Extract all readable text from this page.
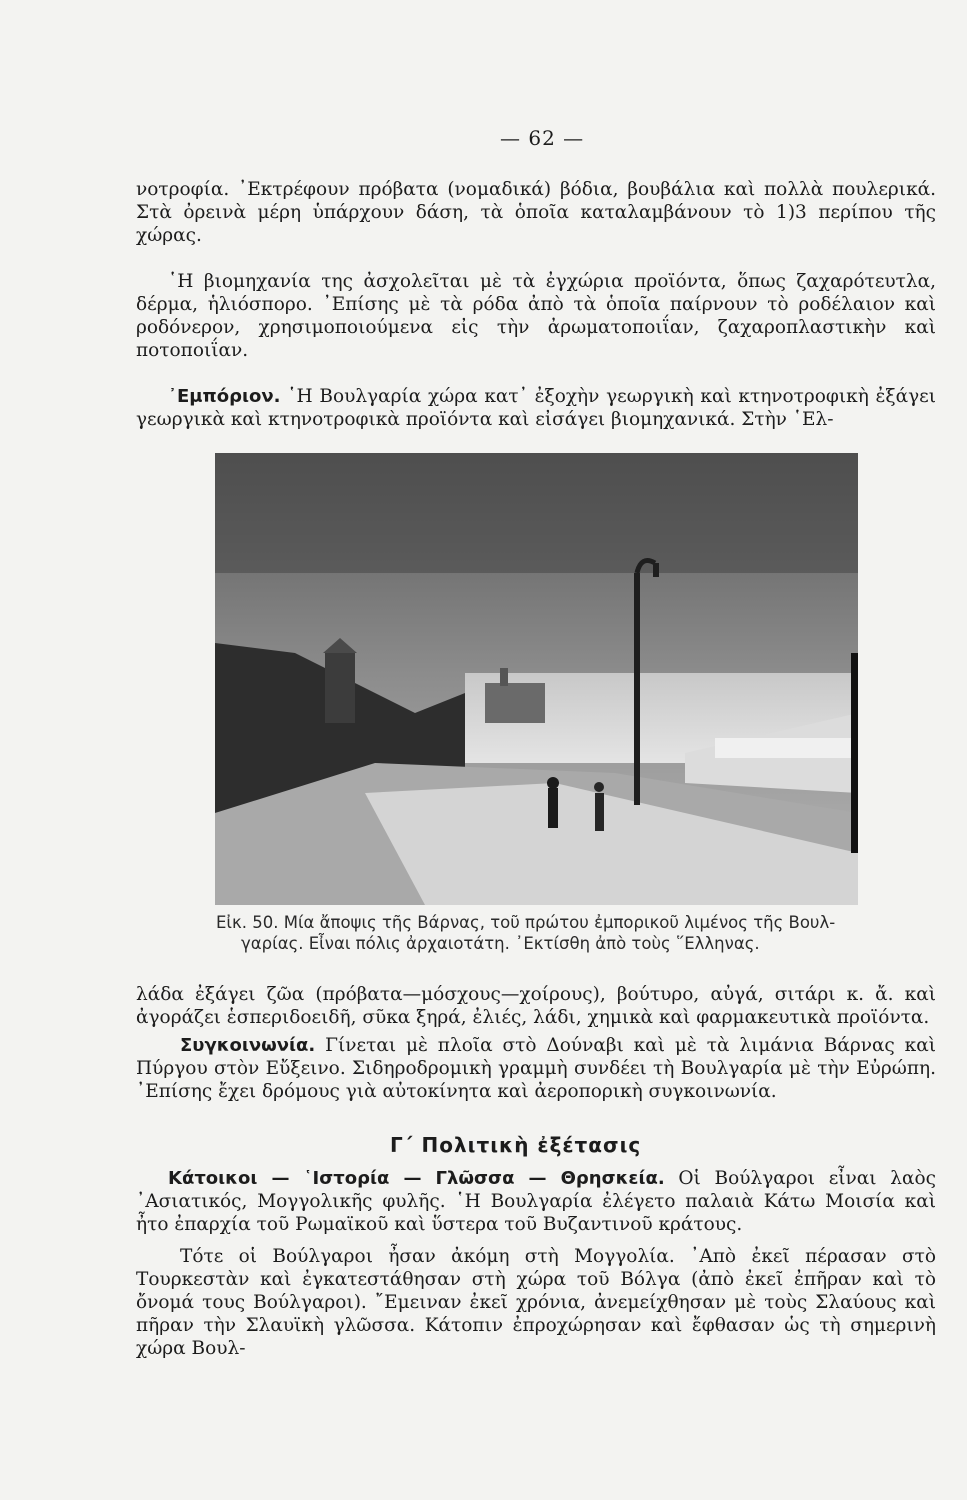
— 62 —

νοτροφία. ᾿Εκτρέφουν πρόβατα (νομαδικά) βόδια, βουβάλια καὶ πολλὰ πουλερικά. Στὰ ὀρεινὰ μέρη ὑπάρχουν δάση, τὰ ὁποῖα καταλαμβάνουν τὸ 1)3 περίπου τῆς χώρας.

῾Η βιομηχανία της ἀσχολεῖται μὲ τὰ ἐγχώρια προϊόντα, ὅπως ζαχαρότευτλα, δέρμα, ἡλιόσπορο. ᾿Επίσης μὲ τὰ ρόδα ἀπὸ τὰ ὁποῖα παίρνουν τὸ ροδέλαιον καὶ ροδόνερον, χρησιμοποιούμενα εἰς τὴν ἀρωματοποιΐαν, ζαχαροπλαστικὴν καὶ ποτοποιΐαν.

᾿Εμπόριον. ῾Η Βουλγαρία χώρα κατ᾿ ἐξοχὴν γεωργικὴ καὶ κτηνοτροφικὴ ἐξάγει γεωργικὰ καὶ κτηνοτροφικὰ προϊόντα καὶ εἰσάγει βιομηχανικά. Στὴν ῾Ελ-

Εἰκ. 50. Μία ἄποψις τῆς Βάρνας, τοῦ πρώτου ἐμπορικοῦ λιμένος τῆς Βουλ-
γαρίας. Εἶναι πόλις ἀρχαιοτάτη. ᾿Εκτίσθη ἀπὸ τοὺς ῞Ελληνας.

λάδα ἐξάγει ζῶα (πρόβατα—μόσχους—χοίρους), βούτυρο, αὐγά, σιτάρι κ. ἄ. καὶ ἀγοράζει ἑσπεριδοειδῆ, σῦκα ξηρά, ἐλιές, λάδι, χημικὰ καὶ φαρμακευτικὰ προϊόντα.

Συγκοινωνία. Γίνεται μὲ πλοῖα στὸ Δούναβι καὶ μὲ τὰ λιμάνια Βάρνας καὶ Πύργου στὸν Εὔξεινο. Σιδηροδρομικὴ γραμμὴ συνδέει τὴ Βουλγαρία μὲ τὴν Εὐρώπη. ᾿Επίσης ἔχει δρόμους γιὰ αὐτοκίνητα καὶ ἀεροπορικὴ συγκοινωνία.

Γ΄ Πολιτικὴ ἐξέτασις

Κάτοικοι — ῾Ιστορία — Γλῶσσα — Θρησκεία. Οἱ Βούλγαροι εἶναι λαὸς ᾿Ασιατικός, Μογγολικῆς φυλῆς. ῾Η Βουλγαρία ἐλέγετο παλαιὰ Κάτω Μοισία καὶ ἦτο ἐπαρχία τοῦ Ρωμαϊκοῦ καὶ ὕστερα τοῦ Βυζαντινοῦ κράτους.

Τότε οἱ Βούλγαροι ἦσαν ἀκόμη στὴ Μογγολία. ᾿Απὸ ἐκεῖ πέρασαν στὸ Τουρκεστὰν καὶ ἐγκατεστάθησαν στὴ χώρα τοῦ Βόλγα (ἀπὸ ἐκεῖ ἐπῆραν καὶ τὸ ὄνομά τους Βούλγαροι). ῎Εμειναν ἐκεῖ χρόνια, ἀνεμείχθησαν μὲ τοὺς Σλαύους καὶ πῆραν τὴν Σλαυϊκὴ γλῶσσα. Κάτοπιν ἐπροχώρησαν καὶ ἔφθασαν ὡς τὴ σημερινὴ χώρα Βουλ-
